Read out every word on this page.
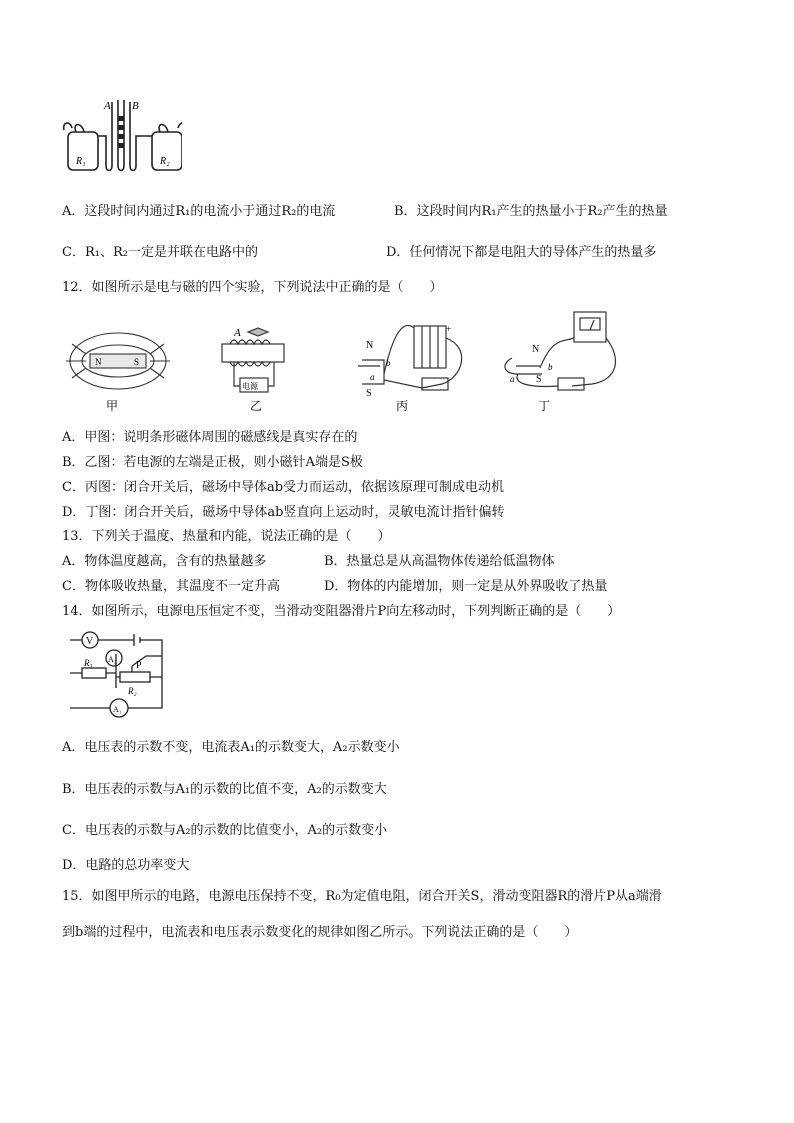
A B
R₁	R₂
A．这段时间内通过R₁的电流小于通过R₂的电流	B．这段时间内R₁产生的热量小于R₂产生的热量
C．R₁、R₂一定是并联在电路中的	D．任何情况下都是电阻大的导体产生的热量多
12．如图所示是电与磁的四个实验，下列说法中正确的是（　　）
N	S
甲
A
电源
乙
N
S
b
a
+
丙
N
S
a
b
丁
A．甲图：说明条形磁体周围的磁感线是真实存在的
B．乙图：若电源的左端是正极，则小磁针A端是S极
C．丙图：闭合开关后，磁场中导体ab受力而运动，依据该原理可制成电动机
D．丁图：闭合开关后，磁场中导体ab竖直向上运动时，灵敏电流计指针偏转
13．下列关于温度、热量和内能，说法正确的是（　　）
A．物体温度越高，含有的热量越多	B．热量总是从高温物体传递给低温物体
C．物体吸收热量，其温度不一定升高	D．物体的内能增加，则一定是从外界吸收了热量
14．如图所示，电源电压恒定不变，当滑动变阻器滑片P向左移动时，下列判断正确的是（　　）
V
A₂
A₁
R₁
R₂
P
A．电压表的示数不变，电流表A₁的示数变大，A₂示数变小
B．电压表的示数与A₁的示数的比值不变，A₂的示数变大
C．电压表的示数与A₂的示数的比值变小，A₂的示数变小
D．电路的总功率变大
15．如图甲所示的电路，电源电压保持不变，R₀为定值电阻，闭合开关S，滑动变阻器R的滑片P从a端滑
到b端的过程中，电流表和电压表示数变化的规律如图乙所示。下列说法正确的是（　　）
